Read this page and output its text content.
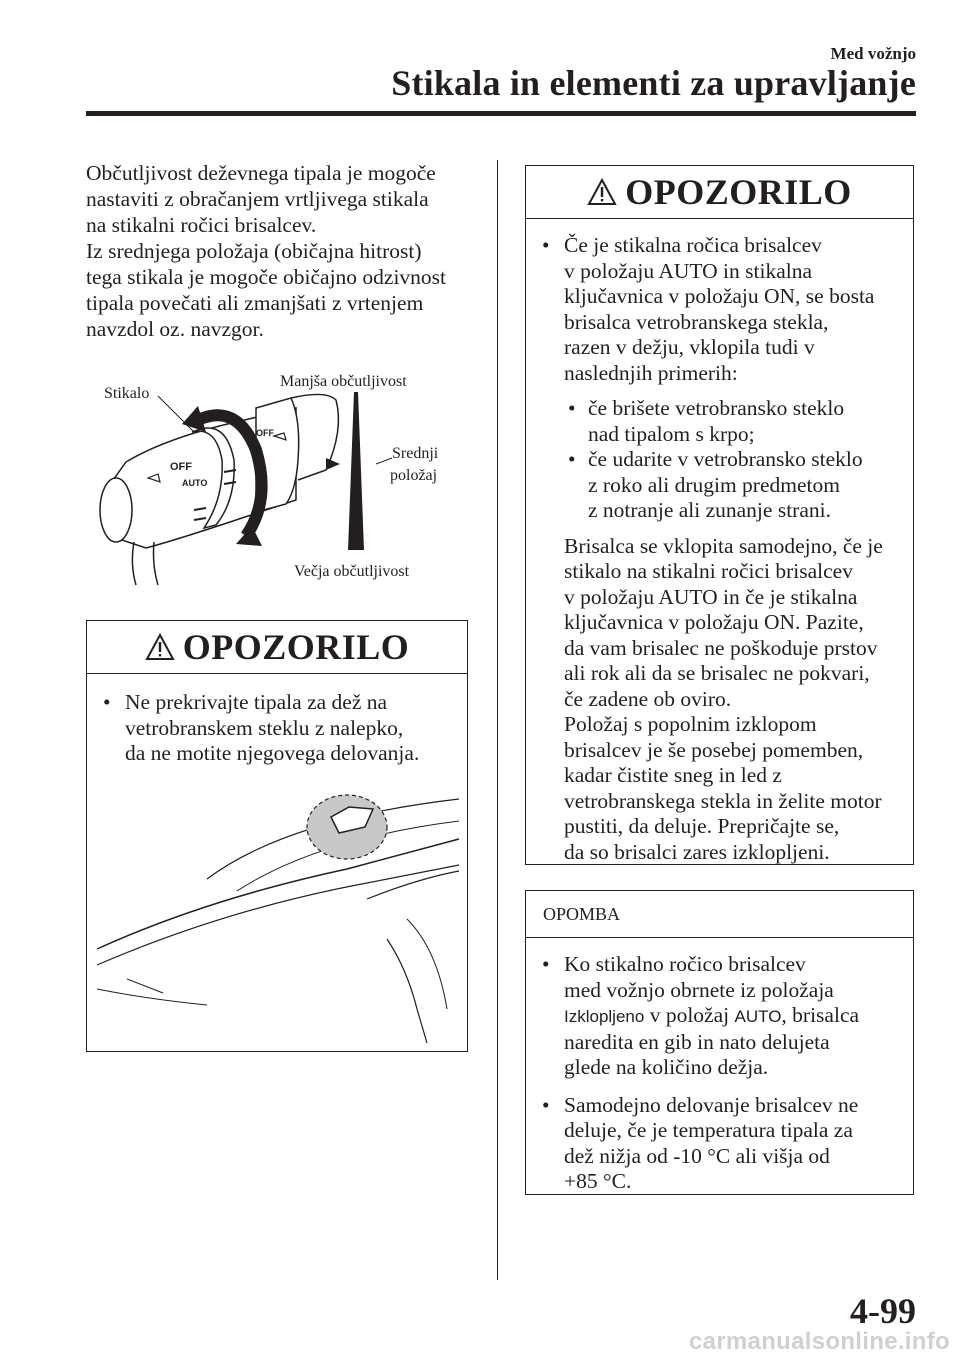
Med vožnjo
Stikala in elementi za upravljanje

Občutljivost deževnega tipala je mogoče

nastaviti z obračanjem vrtljivega stikala

na stikalni ročici brisalcev.

Iz srednjega položaja (običajna hitrost)

tega stikala je mogoče običajno odzivnost

tipala povečati ali zmanjšati z vrtenjem

navzdol oz. navzgor.

OFF
AUTO
OFF
Stikalo
Manjša občutljivost
Srednji
položaj
Večja občutljivost
OPOZORILO
• Ne prekrivajte tipala za dež na
vetrobranskem steklu z nalepko,
da ne motite njegovega delovanja.
OPOZORILO
• Če je stikalna ročica brisalcev
v položaju AUTO in stikalna
ključavnica v položaju ON, se bosta
brisalca vetrobranskega stekla,
razen v dežju, vklopila tudi v
naslednjih primerih:
• če brišete vetrobransko steklo
nad tipalom s krpo;
• če udarite v vetrobransko steklo
z roko ali drugim predmetom
z notranje ali zunanje strani.
Brisalca se vklopita samodejno, če je
stikalo na stikalni ročici brisalcev
v položaju AUTO in če je stikalna
ključavnica v položaju ON. Pazite,
da vam brisalec ne poškoduje prstov
ali rok ali da se brisalec ne pokvari,
če zadene ob oviro.
Položaj s popolnim izklopom
brisalcev je še posebej pomemben,
kadar čistite sneg in led z
vetrobranskega stekla in želite motor
pustiti, da deluje. Prepričajte se,
da so brisalci zares izklopljeni.
OPOMBA
• Ko stikalno ročico brisalcev
med vožnjo obrnete iz položaja
Izklopljeno v položaj AUTO, brisalca
naredita en gib in nato delujeta
glede na količino dežja.
• Samodejno delovanje brisalcev ne
deluje, če je temperatura tipala za
dež nižja od -10 °C ali višja od
+85 °C.
4-99
carmanualsonline.info
